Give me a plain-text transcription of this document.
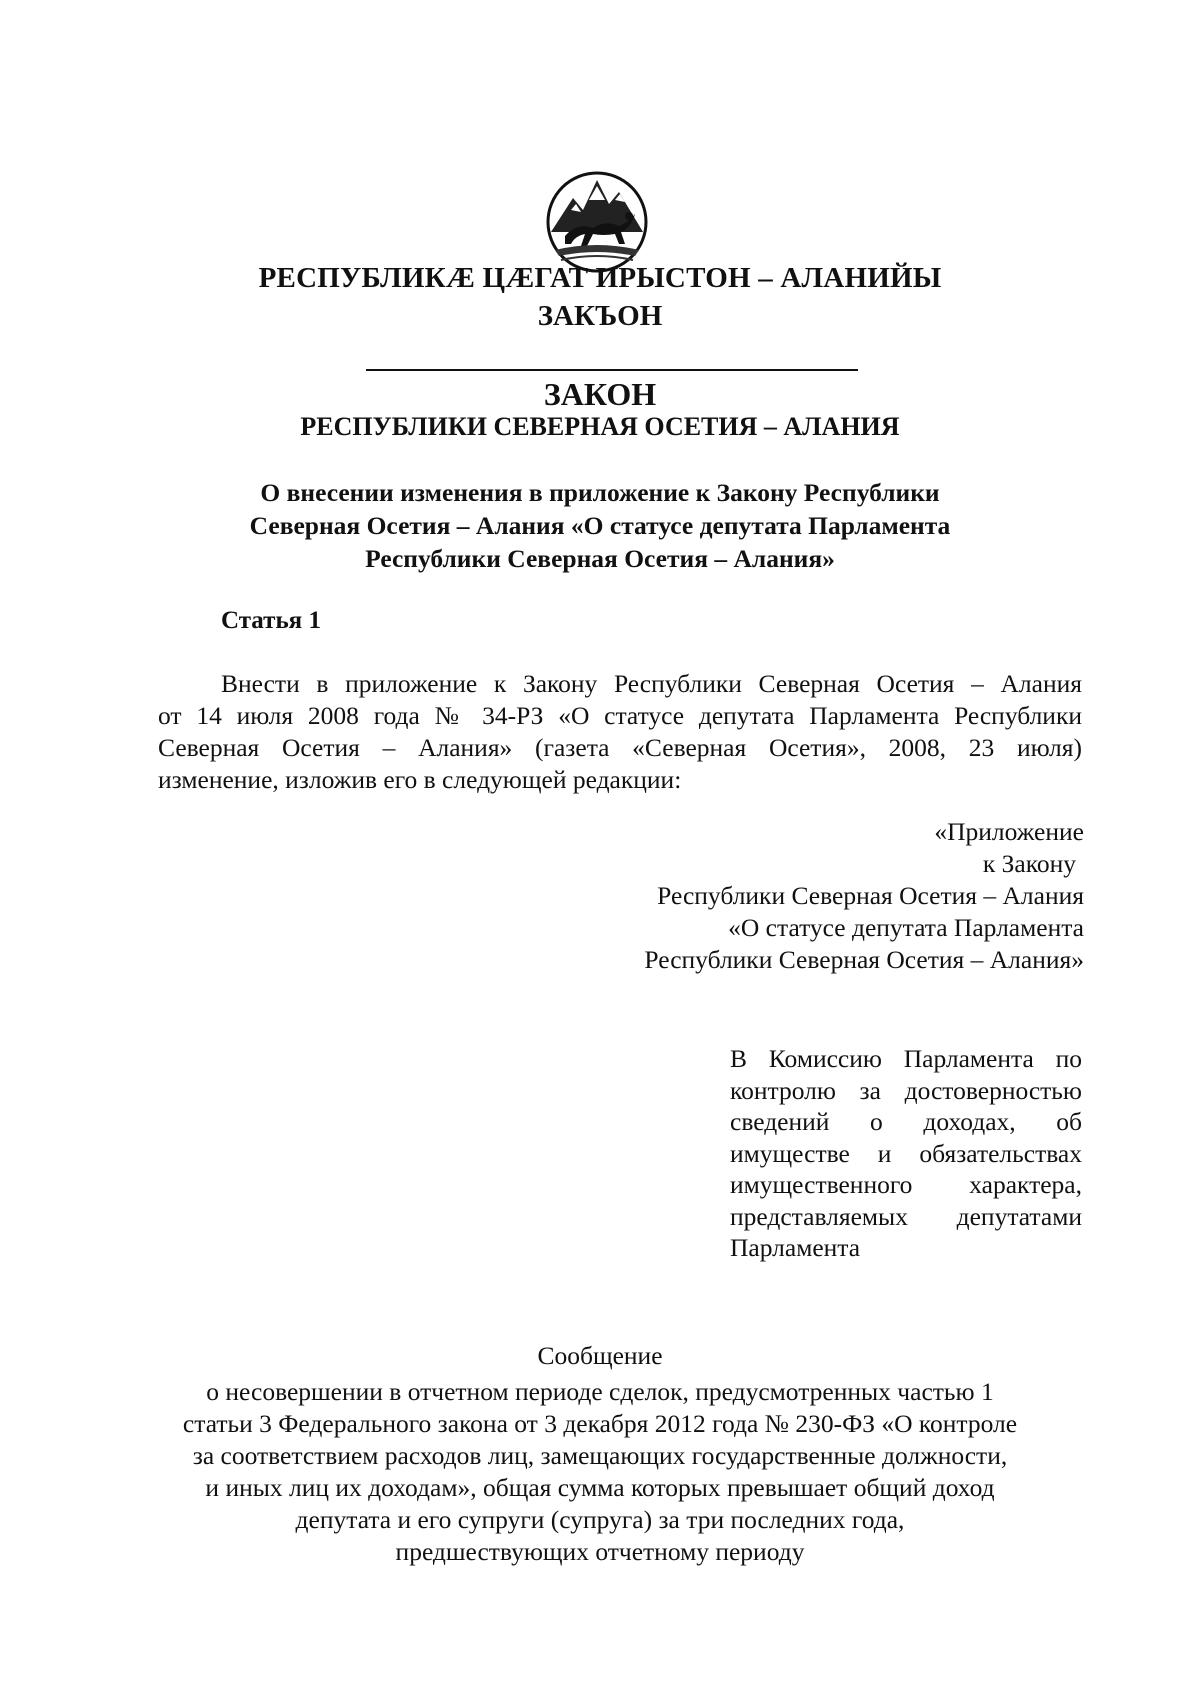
РЕСПУБЛИКӔ ЦӔГАТ ИРЫСТОН – АЛАНИЙЫ
ЗАКЪОН
ЗАКОН
РЕСПУБЛИКИ СЕВЕРНАЯ ОСЕТИЯ – АЛАНИЯ
О внесении изменения в приложение к Закону Республики
Северная Осетия – Алания «О статусе депутата Парламента
Республики Северная Осетия – Алания»
Статья 1
Внести в приложение к Закону Республики Северная Осетия – Алания
от 14 июля 2008 года № 34-РЗ «О статусе депутата Парламента Республики
Северная Осетия – Алания» (газета «Северная Осетия», 2008, 23 июля)
изменение, изложив его в следующей редакции:
«Приложение
к Закону
Республики Северная Осетия – Алания
«О статусе депутата Парламента
Республики Северная Осетия – Алания»
В Комиссию Парламента по
контролю за достоверностью
сведений о доходах, об
имуществе и обязательствах
имущественного характера,
представляемых депутатами
Парламента
Сообщение
о несовершении в отчетном периоде сделок, предусмотренных частью 1
статьи 3 Федерального закона от 3 декабря 2012 года № 230-ФЗ «О контроле
за соответствием расходов лиц, замещающих государственные должности,
и иных лиц их доходам», общая сумма которых превышает общий доход
депутата и его супруги (супруга) за три последних года,
предшествующих отчетному периоду
